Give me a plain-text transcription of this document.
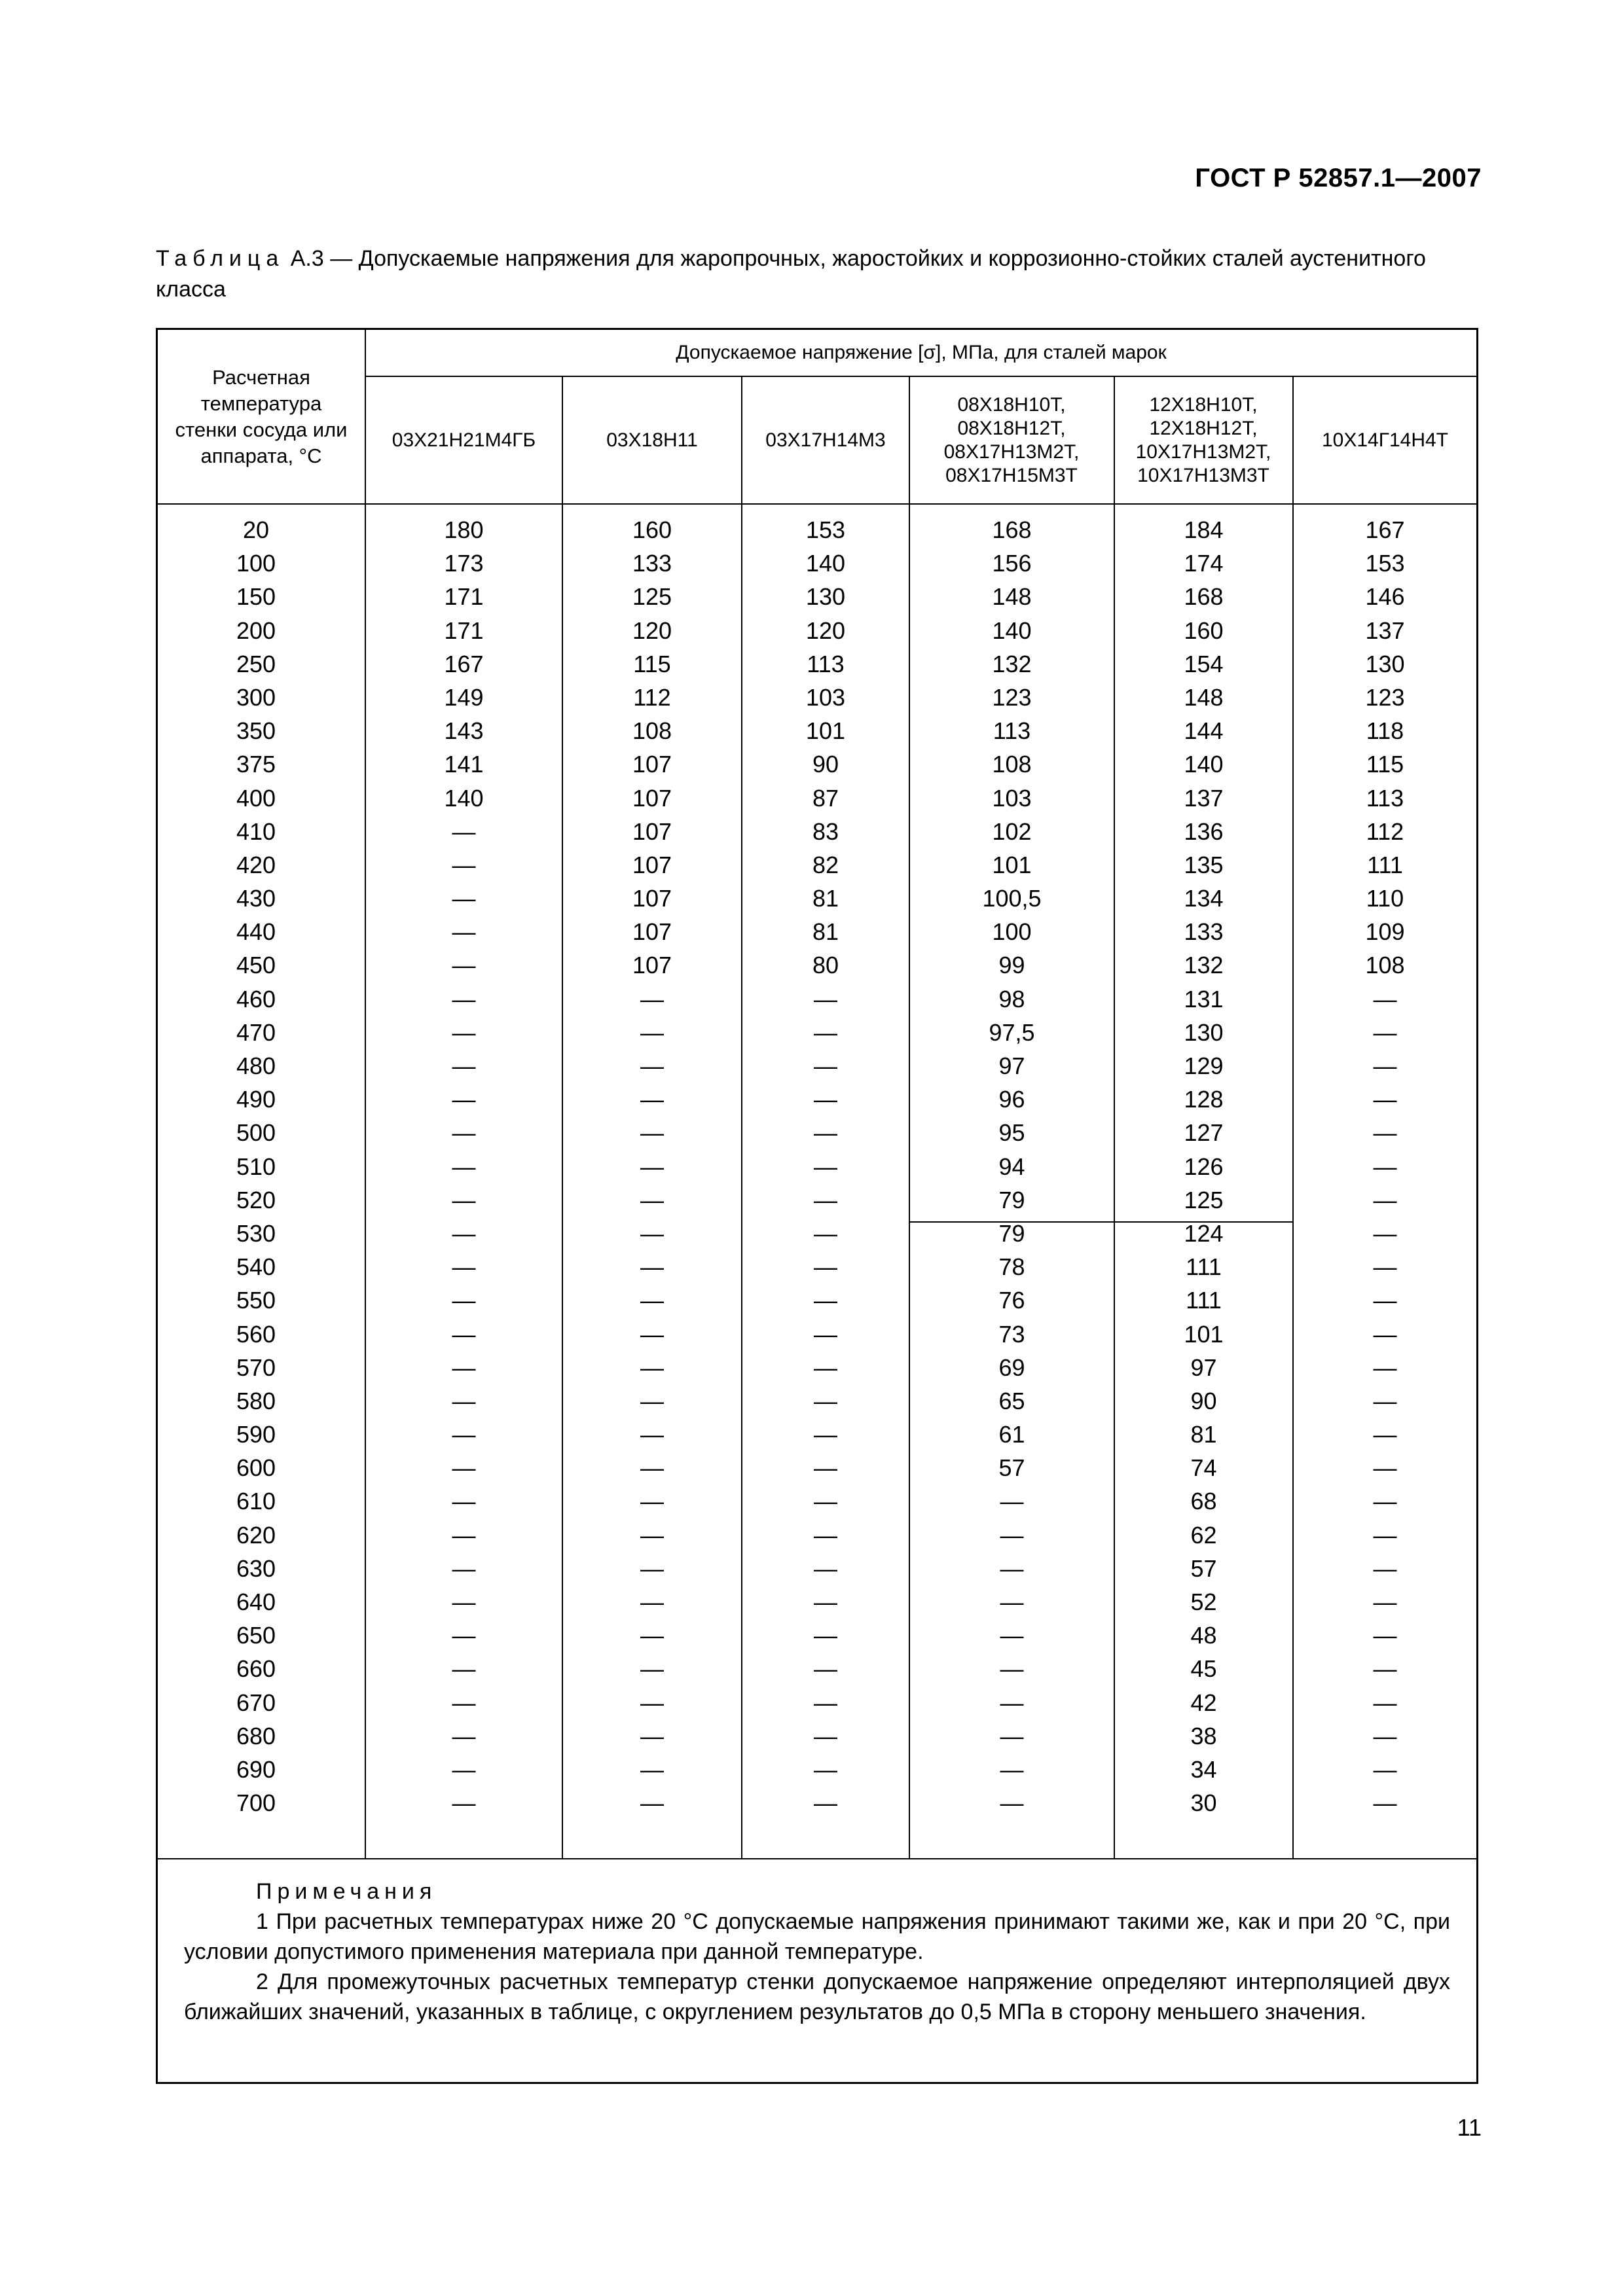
ГОСТ Р 52857.1—2007
Таблица А.3 — Допускаемые напряжения для жаропрочных, жаростойких и коррозионно-стойких сталей аустенитного класса
Расчетная температура стенки сосуда или аппарата, °С
Допускаемое напряжение [σ], МПа, для сталей марок
03Х21Н21М4ГБ	03Х18Н11	03Х17Н14М3
08Х18Н10Т, 08Х18Н12Т, 08Х17Н13М2Т, 08Х17Н15М3Т
12Х18Н10Т, 12Х18Н12Т, 10Х17Н13М2Т, 10Х17Н13М3Т
10Х14Г14Н4Т
20
100
150
200
250
300
350
375
400
410
420
430
440
450
460
470
480
490
500
510
520
530
540
550
560
570
580
590
600
610
620
630
640
650
660
670
680
690
700
180
173
171
171
167
149
143
141
140
—
—
—
—
—
—
—
—
—
—
—
—
—
—
—
—
—
—
—
—
—
—
—
—
—
—
—
—
—
—
160
133
125
120
115
112
108
107
107
107
107
107
107
107
—
—
—
—
—
—
—
—
—
—
—
—
—
—
—
—
—
—
—
—
—
—
—
—
—
153
140
130
120
113
103
101
90
87
83
82
81
81
80
—
—
—
—
—
—
—
—
—
—
—
—
—
—
—
—
—
—
—
—
—
—
—
—
—
168
156
148
140
132
123
113
108
103
102
101
100,5
100
99
98
97,5
97
96
95
94
79
79
78
76
73
69
65
61
57
—
—
—
—
—
—
—
—
—
—
184
174
168
160
154
148
144
140
137
136
135
134
133
132
131
130
129
128
127
126
125
124
111
111
101
97
90
81
74
68
62
57
52
48
45
42
38
34
30
167
153
146
137
130
123
118
115
113
112
111
110
109
108
—
—
—
—
—
—
—
—
—
—
—
—
—
—
—
—
—
—
—
—
—
—
—
—
—
Примечания
1 При расчетных температурах ниже 20 °С допускаемые напряжения принимают такими же, как и при 20 °С, при условии допустимого применения материала при данной температуре.
2 Для промежуточных расчетных температур стенки допускаемое напряжение определяют интерполяцией двух ближайших значений, указанных в таблице, с округлением результатов до 0,5 МПа в сторону меньшего значения.
11
